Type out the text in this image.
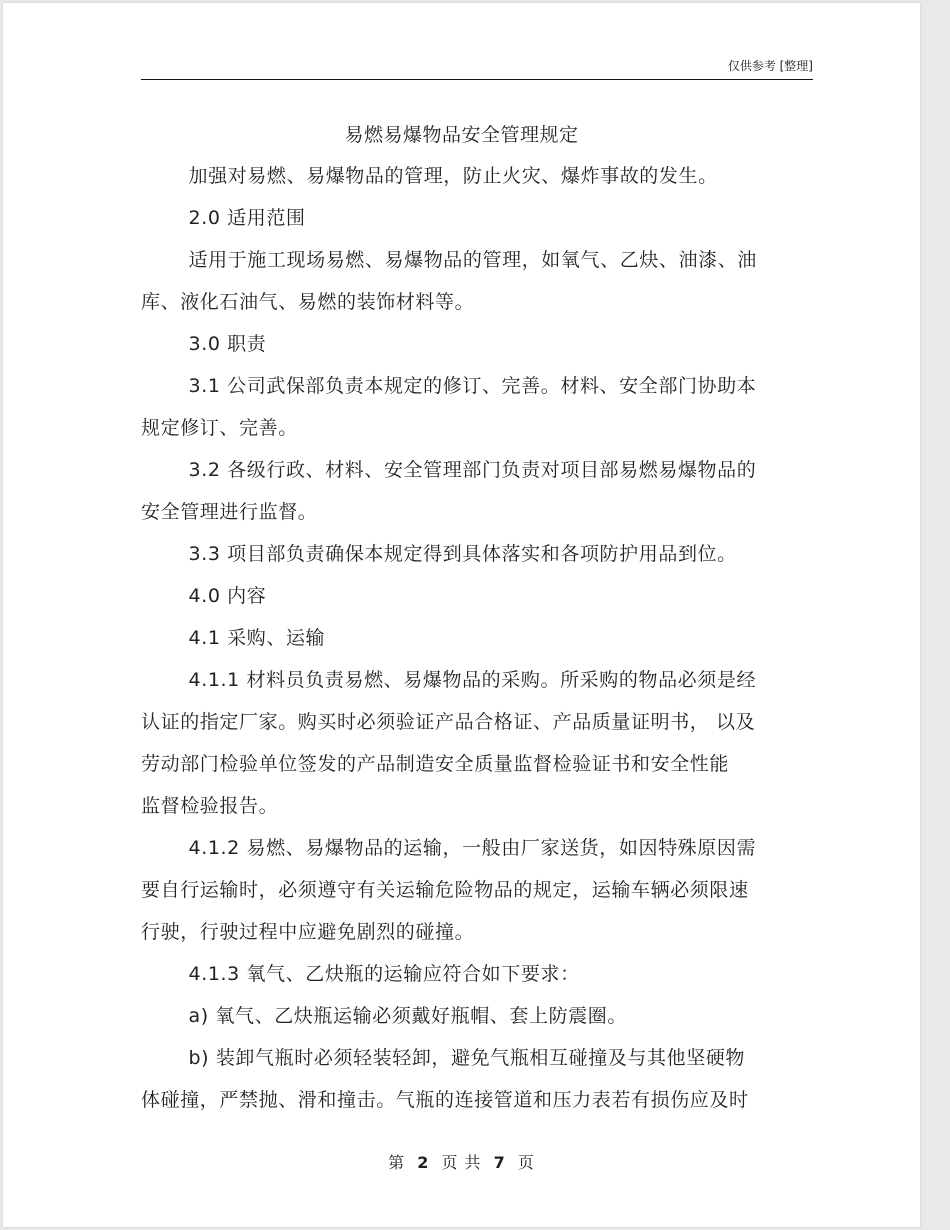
仅供参考 [整理]
易燃易爆物品安全管理规定

加强对易燃、易爆物品的管理，防止火灾、爆炸事故的发生。

2.0 适用范围

适用于施工现场易燃、易爆物品的管理，如氧气、乙炔、油漆、油

库、液化石油气、易燃的装饰材料等。

3.0 职责

3.1 公司武保部负责本规定的修订、完善。材料、安全部门协助本

规定修订、完善。

3.2 各级行政、材料、安全管理部门负责对项目部易燃易爆物品的

安全管理进行监督。

3.3 项目部负责确保本规定得到具体落实和各项防护用品到位。

4.0 内容

4.1 采购、运输

4.1.1 材料员负责易燃、易爆物品的采购。所采购的物品必须是经

认证的指定厂家。购买时必须验证产品合格证、产品质量证明书， 以及

劳动部门检验单位签发的产品制造安全质量监督检验证书和安全性能

监督检验报告。

4.1.2 易燃、易爆物品的运输，一般由厂家送货，如因特殊原因需

要自行运输时，必须遵守有关运输危险物品的规定，运输车辆必须限速

行驶，行驶过程中应避免剧烈的碰撞。

4.1.3 氧气、乙炔瓶的运输应符合如下要求：

a) 氧气、乙炔瓶运输必须戴好瓶帽、套上防震圈。

b) 装卸气瓶时必须轻装轻卸，避免气瓶相互碰撞及与其他坚硬物

体碰撞，严禁抛、滑和撞击。气瓶的连接管道和压力表若有损伤应及时

第 2 页 共 7 页
